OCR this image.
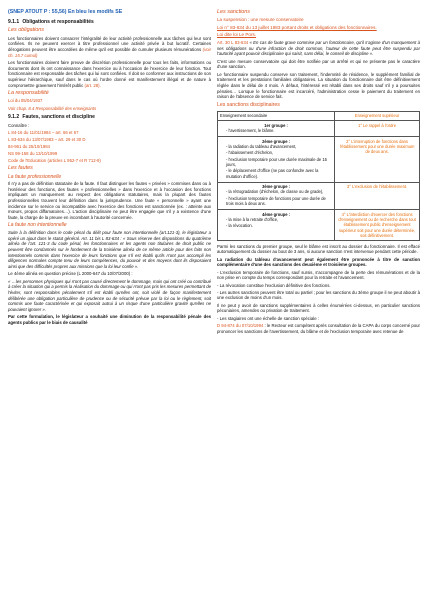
(SNEP ATOUT P : 55,56) En bleu les modifs SE
9.1.1 Obligations et responsabilités
Les obligations

Les fonctionnaires doivent consacrer l'intégralité de leur activité professionnelle aux tâches qui leur sont confiées. Ils ne peuvent exercer à titre professionnel une activité privée à but lucratif. Certaines dérogations peuvent être accordées de même qu'il est possible de cumuler plusieurs rémunérations (voir ch. 15.7 cumul)

Les fonctionnaires doivent faire preuve de discrétion professionnelle pour tous les faits, informations ou documents dont ils ont connaissance dans l'exercice ou à l'occasion de l'exercice de leur fonction. Tout fonctionnaire est responsable des tâches qui lui sont confiées. Il doit se conformer aux instructions de son supérieur hiérarchique, sauf dans le cas où l'ordre donné est manifestement illégal et de nature à compromettre gravement l'intérêt public (art. 28).

La responsabilité

Loi du 05/04/1937

Voir chap. 8.4 Responsabilité des enseignants

9.1.2 Fautes, sanctions et discipline

Connaître :

L 84-16 du 11/01/1984 – art. 66 et 67

L 83-634 du 13/07/1983 – art. 29 et 30 D

84-961 du 25/10/1984

NS 99-158 du 13/10/1999

Code de l'Education (articles L 952-7 et R 712-9)

Les fautes
La faute professionnelle

Il n'y a pas de définition statutaire de la faute. Il faut distinguer les fautes « privées » commises dans ou à l'extérieur des fonctions, des fautes « professionnelles » dans l'exercice et à l'occasion des fonctions impliquant un manquement au respect des obligations statutaires, mais la plupart des fautes professionnelles trouvent leur définition dans la jurisprudence. Une faute « personnelle » ayant une incidence sur le service ou incompatible avec l'exercice des fonctions est sanctionnée (ex. : atteinte aux mœurs, propos diffamatoires…). L'action disciplinaire ne peut être engagée que s'il y a existence d'une faute, la charge de la preuve en incombant à l'autorité concernée.

La faute non intentionnelle

Suite à la définition dans le code pénal du délit pour faute non intentionnelle (art.121-3), le législateur a opéré un ajout dans le statut général. Art. 11 bis L 83-634 : « Sous réserve des dispositions du quatrième alinéa de l'art. 121-3 du code pénal, les fonctionnaires et les agents non titulaires de droit public ne peuvent être condamnés sur le fondement de la troisième alinéa de ce même article pour des faits non intentionnels commis dans l'exercice de leurs fonctions que s'il est établi qu'ils n'ont pas accompli les diligences normales compte tenu de leurs compétences, du pouvoir et des moyens dont ils disposaient ainsi que des difficultés propres aux missions que la loi leur confie ».

Le 4ème alinéa en question précise (L 2000-647 du 10/07/2000) :

« …les personnes physiques qui n'ont pas causé directement le dommage, mais qui ont créé ou contribué à créer la situation qui a permis la réalisation du dommage ou qui n'ont pas pris les mesures permettant de l'éviter, sont responsables pénalement s'il est établi qu'elles ont, soit violé de façon manifestement délibérée une obligation particulière de prudence ou de sécurité prévue par la loi ou le règlement, soit commis une faute caractérisée et qui exposait autrui à un risque d'une particulière gravité qu'elles ne pouvaient ignorer ».

Par cette formulation, le législateur a souhaité une diminution de la responsabilité pénale des agents publics par le biais de causalité

Les sanctions

La suspension : une mesure conservatoire

Loi n° 83-634 du 13 juillet 1983 portant droits et obligations des fonctionnaires.

Loi dite loi Le Pors.

Art. 30 L 83-634 « En cas de faute grave commise par un fonctionnaire, qu'il s'agisse d'un manquement à ses obligations ou d'une infraction de droit commun, l'auteur de cette faute peut être suspendu par l'autorité ayant pouvoir disciplinaire qui saisit, sans délai, le conseil de discipline ».

C'est une mesure conservatoire qui doit être notifiée par un arrêté et qui ne présente pas le caractère d'une sanction.

Le fonctionnaire suspendu conserve son traitement, l'indemnité de résidence, le supplément familial de traitement et les prestations familiales obligatoires. La situation du fonctionnaire doit être définitivement réglée dans le délai de 4 mois. À défaut, l'intéressé est rétabli dans ses droits sauf s'il y a poursuites pénales… Lorsque le fonctionnaire est incarcéré, l'administration cesse le paiement du traitement en raison de l'absence de service fait.

Les sanctions disciplinaires
Enseignement secondaire	Enseignement supérieur

1er groupe :
- l'avertissement, le blâme.	1° Le rappel à l'ordre

2ème groupe :
- la radiation du tableau d'avancement,
- l'abaissement d'échelon,
- l'exclusion temporaire pour une durée maximale de 15 jours,
- le déplacement d'office (ne pas confondre avec la mutation d'office).	2° L'interruption de fonctions dans l'établissement pour une durée maximum de deux ans.

3ème groupe :
- la rétrogradation (d'échelon, de classe ou de grade),
- l'exclusion temporaire de fonctions pour une durée de trois mois à deux ans.	3° L'exclusion de l'établissement.

4ème groupe :
- la mise à la retraite d'office,
- la révocation.	4° L'interdiction d'exercer des fonctions d'enseignement ou de recherche dans tout établissement public d'enseignement supérieur soit pour une durée déterminée, soit définitivement.

Parmi les sanctions du premier groupe, seul le blâme est inscrit au dossier du fonctionnaire. Il est effacé automatiquement du dossier au bout de 3 ans, si aucune sanction n'est intervenue pendant cette période.

La radiation du tableau d'avancement peut également être prononcée à titre de sanction complémentaire d'une des sanctions des deuxième et troisième groupes.

- L'exclusion temporaire de fonctions, sauf sursis, s'accompagne de la perte des rémunérations et de la non prise en compte du temps correspondant pour la retraite et l'avancement.

- La révocation constitue l'exclusion définitive des fonctions.

- Les autres sanctions peuvent être total ou partiel ; pour les sanctions du 3ème groupe il ne peut aboutir à une exclusion de moins d'un mois.

Il ne peut y avoir de sanctions supplémentaires à celles énumérées ci-dessus, en particulier sanctions pécuniaires, amendes ou privation de traitement.

- Les stagiaires ont une échelle de sanction spéciale :

D 94-874 du 07/10/1994 : le Recteur est compétent après consultation de la CAPA du corps concerné pour prononcer les sanctions de l'avertissement, du blâme et de l'exclusion temporaire avec retenue de
